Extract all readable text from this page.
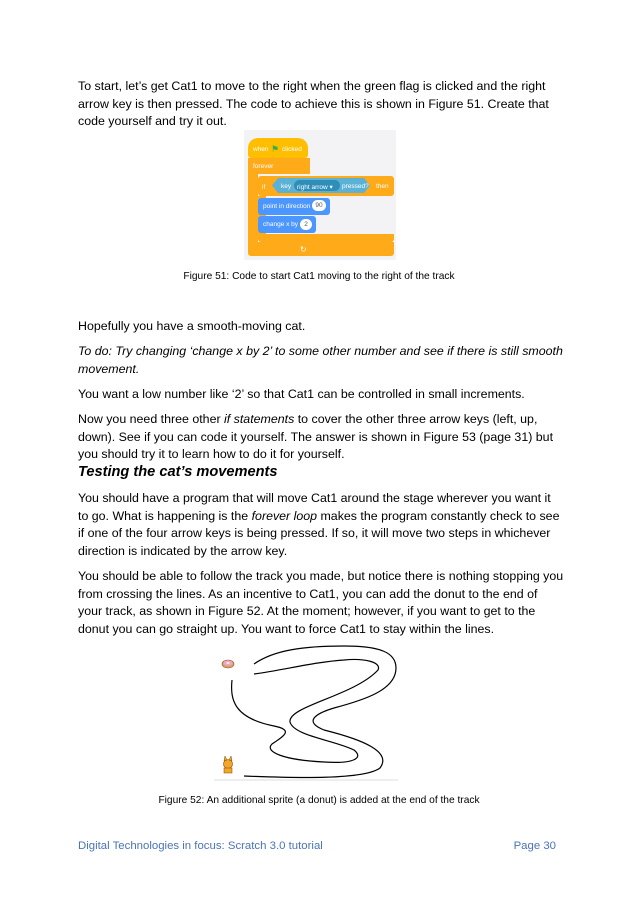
To start, let’s get Cat1 to move to the right when the green flag is clicked and the right arrow key is then pressed. The code to achieve this is shown in Figure 51. Create that code yourself and try it out.

when ⚑ clicked
forever
↻
if key right arrow ▾ pressed? then
point in direction 90
change x by 2
Figure 51: Code to start Cat1 moving to the right of the track

Hopefully you have a smooth-moving cat.

To do: Try changing ‘change x by 2’ to some other number and see if there is still smooth movement.

You want a low number like ‘2’ so that Cat1 can be controlled in small increments.

Now you need three other if statements to cover the other three arrow keys (left, up, down). See if you can code it yourself. The answer is shown in Figure 53 (page 31) but you should try it to learn how to do it for yourself.

Testing the cat’s movements

You should have a program that will move Cat1 around the stage wherever you want it to go. What is happening is the forever loop makes the program constantly check to see if one of the four arrow keys is being pressed. If so, it will move two steps in whichever direction is indicated by the arrow key.

You should be able to follow the track you made, but notice there is nothing stopping you from crossing the lines. As an incentive to Cat1, you can add the donut to the end of your track, as shown in Figure 52. At the moment; however, if you want to get to the donut you can go straight up. You want to force Cat1 to stay within the lines.

Figure 52: An additional sprite (a donut) is added at the end of the track
Digital Technologies in focus: Scratch 3.0 tutorial	Page 30
